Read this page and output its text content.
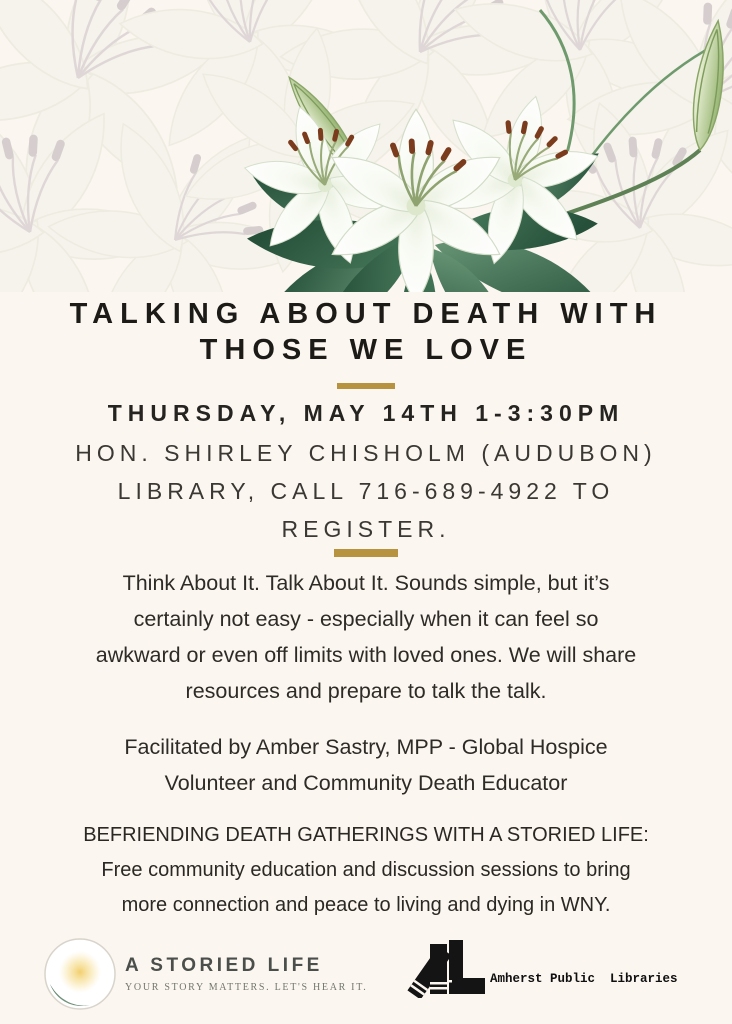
TALKING ABOUT DEATH WITH
THOSE WE LOVE
THURSDAY, MAY 14TH 1-3:30PM
HON. SHIRLEY CHISHOLM (AUDUBON)
LIBRARY, CALL 716-689-4922 TO
REGISTER.
Think About It. Talk About It. Sounds simple, but it’s
certainly not easy - especially when it can feel so
awkward or even off limits with loved ones. We will share
resources and prepare to talk the talk.
Facilitated by Amber Sastry, MPP - Global Hospice
Volunteer and Community Death Educator
BEFRIENDING DEATH GATHERINGS WITH A STORIED LIFE:
Free community education and discussion sessions to bring
more connection and peace to living and dying in WNY.
A STORIED LIFE
YOUR STORY MATTERS. LET'S HEAR IT.
Amherst Public  Libraries
